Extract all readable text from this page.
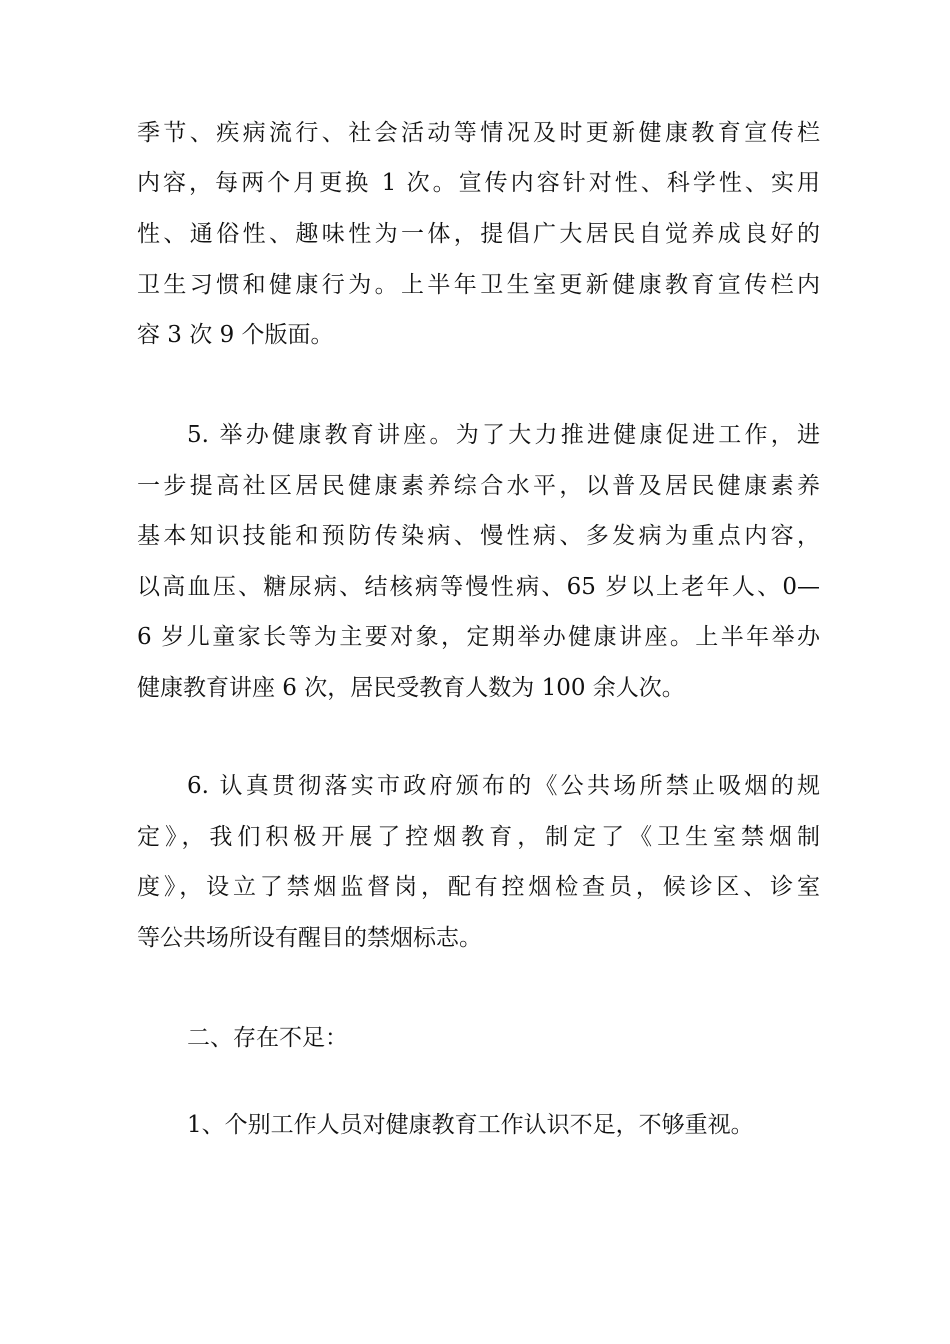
季节、疾病流行、社会活动等情况及时更新健康教育宣传栏
内容，每两个月更换 1 次。宣传内容针对性、科学性、实用
性、通俗性、趣味性为一体，提倡广大居民自觉养成良好的
卫生习惯和健康行为。上半年卫生室更新健康教育宣传栏内
容 3 次 9 个版面。
5. 举办健康教育讲座。为了大力推进健康促进工作，进
一步提高社区居民健康素养综合水平，以普及居民健康素养
基本知识技能和预防传染病、慢性病、多发病为重点内容，
以高血压、糖尿病、结核病等慢性病、65 岁以上老年人、0—
6 岁儿童家长等为主要对象，定期举办健康讲座。上半年举办
健康教育讲座 6 次，居民受教育人数为 100 余人次。
6. 认真贯彻落实市政府颁布的《公共场所禁止吸烟的规
定》，我们积极开展了控烟教育，制定了《卫生室禁烟制
度》，设立了禁烟监督岗，配有控烟检查员，候诊区、诊室
等公共场所设有醒目的禁烟标志。
二、存在不足：
1、个别工作人员对健康教育工作认识不足，不够重视。
